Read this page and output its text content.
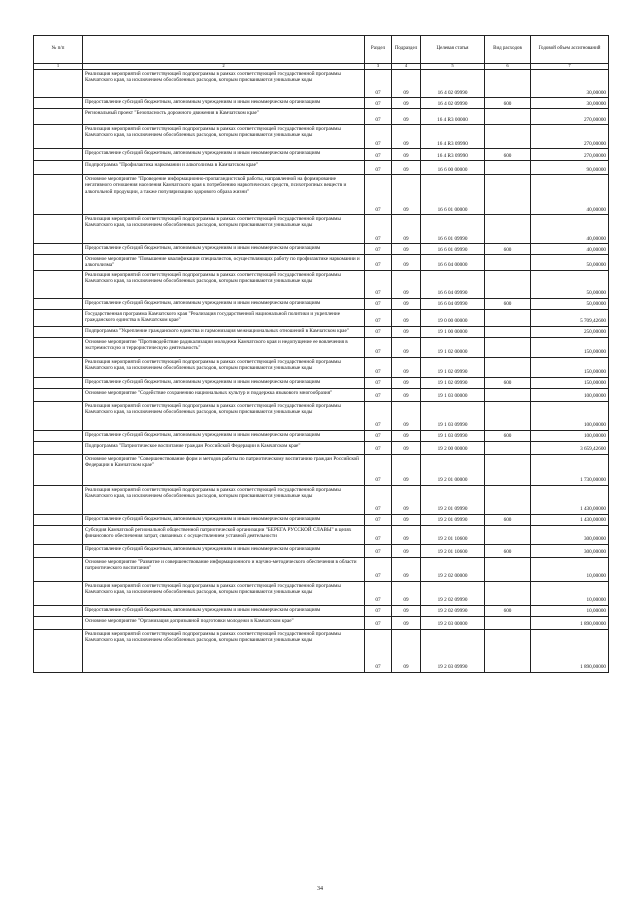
№ п/п		Раздел	Подраздел	Целевая статья	Вид расходов	Годовой объем ассигнований
1	2	3	4	5	6	7
	Реализация мероприятий соответствующей подпрограммы в рамках соответствующей государственной программы Камчатского края, за исключением обособленных расходов, которым присваиваются уникальные коды	07	09	16 4 02 09990		30,00000
	Предоставление субсидий бюджетным, автономным учреждениям и иным некоммерческим организациям	07	09	16 4 02 09990	600	30,00000
	Региональный проект "Безопасность дорожного движения в Камчатском крае"	07	09	16 4 R3 00000		270,00000
	Реализация мероприятий соответствующей подпрограммы в рамках соответствующей государственной программы Камчатского края, за исключением обособленных расходов, которым присваиваются уникальные коды	07	09	16 4 R3 09990		270,00000
	Предоставление субсидий бюджетным, автономным учреждениям и иным некоммерческим организациям	07	09	16 4 R3 09990	600	270,00000
	Подпрограмма "Профилактика наркомании и алкоголизма в Камчатском крае"	07	09	16 6 00 00000		90,00000
	Основное мероприятие "Проведение информационно-пропагандистской работы, направленной на формирование негативного отношения населения Камчатского края к потреблению наркотических средств, психотропных веществ и алкогольной продукции, а также популяризацию здорового образа жизни"	07	09	16 6 01 00000		40,00000
	Реализация мероприятий соответствующей подпрограммы в рамках соответствующей государственной программы Камчатского края, за исключением обособленных расходов, которым присваиваются уникальные коды	07	09	16 6 01 09990		40,00000
	Предоставление субсидий бюджетным, автономным учреждениям и иным некоммерческим организациям	07	09	16 6 01 09990	600	40,00000
	Основное мероприятие "Повышение квалификации специалистов, осуществляющих работу по профилактике наркомании и алкоголизма"	07	09	16 6 04 00000		50,00000
	Реализация мероприятий соответствующей подпрограммы в рамках соответствующей государственной программы Камчатского края, за исключением обособленных расходов, которым присваиваются уникальные коды	07	09	16 6 04 09990		50,00000
	Предоставление субсидий бюджетным, автономным учреждениям и иным некоммерческим организациям	07	09	16 6 04 09990	600	50,00000
	Государственная программа Камчатского края "Реализация государственной национальной политики и укрепление гражданского единства в Камчатском крае"	07	09	19 0 00 00000		5 709,42600
	Подпрограмма "Укрепление гражданского единства и гармонизация межнациональных отношений в Камчатском крае"	07	09	19 1 00 00000		250,00000
	Основное мероприятие "Противодействие радикализации молодежи Камчатского края и недопущение ее вовлечения в экстремистскую и террористическую деятельность"	07	09	19 1 02 00000		150,00000
	Реализация мероприятий соответствующей подпрограммы в рамках соответствующей государственной программы Камчатского края, за исключением обособленных расходов, которым присваиваются уникальные коды	07	09	19 1 02 09990		150,00000
	Предоставление субсидий бюджетным, автономным учреждениям и иным некоммерческим организациям	07	09	19 1 02 09990	600	150,00000
	Основное мероприятие "Содействие сохранению национальных культур и поддержка языкового многообразия"	07	09	19 1 03 00000		100,00000
	Реализация мероприятий соответствующей подпрограммы в рамках соответствующей государственной программы Камчатского края, за исключением обособленных расходов, которым присваиваются уникальные коды	07	09	19 1 03 09990		100,00000
	Предоставление субсидий бюджетным, автономным учреждениям и иным некоммерческим организациям	07	09	19 1 03 09990	600	100,00000
	Подпрограмма "Патриотическое воспитание граждан Российской Федерации в Камчатском крае"	07	09	19 2 00 00000		3 659,42600
	Основное мероприятие "Совершенствование форм и методов работы по патриотическому воспитанию граждан Российской Федерации в Камчатском крае"	07	09	19 2 01 00000		1 730,00000
	Реализация мероприятий соответствующей подпрограммы в рамках соответствующей государственной программы Камчатского края, за исключением обособленных расходов, которым присваиваются уникальные коды	07	09	19 2 01 09990		1 430,00000
	Предоставление субсидий бюджетным, автономным учреждениям и иным некоммерческим организациям	07	09	19 2 01 09990	600	1 430,00000
	Субсидия Камчатской региональной общественной патриотической организации "БЕРЕГА РУССКОЙ СЛАВЫ" в целях финансового обеспечения затрат, связанных с осуществлением уставной деятельности	07	09	19 2 01 10600		300,00000
	Предоставление субсидий бюджетным, автономным учреждениям и иным некоммерческим организациям	07	09	19 2 01 10600	600	300,00000
	Основное мероприятие "Развитие и совершенствование информационного и научно-методического обеспечения в области патриотического воспитания"	07	09	19 2 02 00000		10,00000
	Реализация мероприятий соответствующей подпрограммы в рамках соответствующей государственной программы Камчатского края, за исключением обособленных расходов, которым присваиваются уникальные коды	07	09	19 2 02 09990		10,00000
	Предоставление субсидий бюджетным, автономным учреждениям и иным некоммерческим организациям	07	09	19 2 02 09990	600	10,00000
	Основное мероприятие "Организация допризывной подготовки молодежи в Камчатском крае"	07	09	19 2 03 00000		1 890,00000
	Реализация мероприятий соответствующей подпрограммы в рамках соответствующей государственной программы Камчатского края, за исключением обособленных расходов, которым присваиваются уникальные коды	07	09	19 2 03 09990		1 890,00000
34
